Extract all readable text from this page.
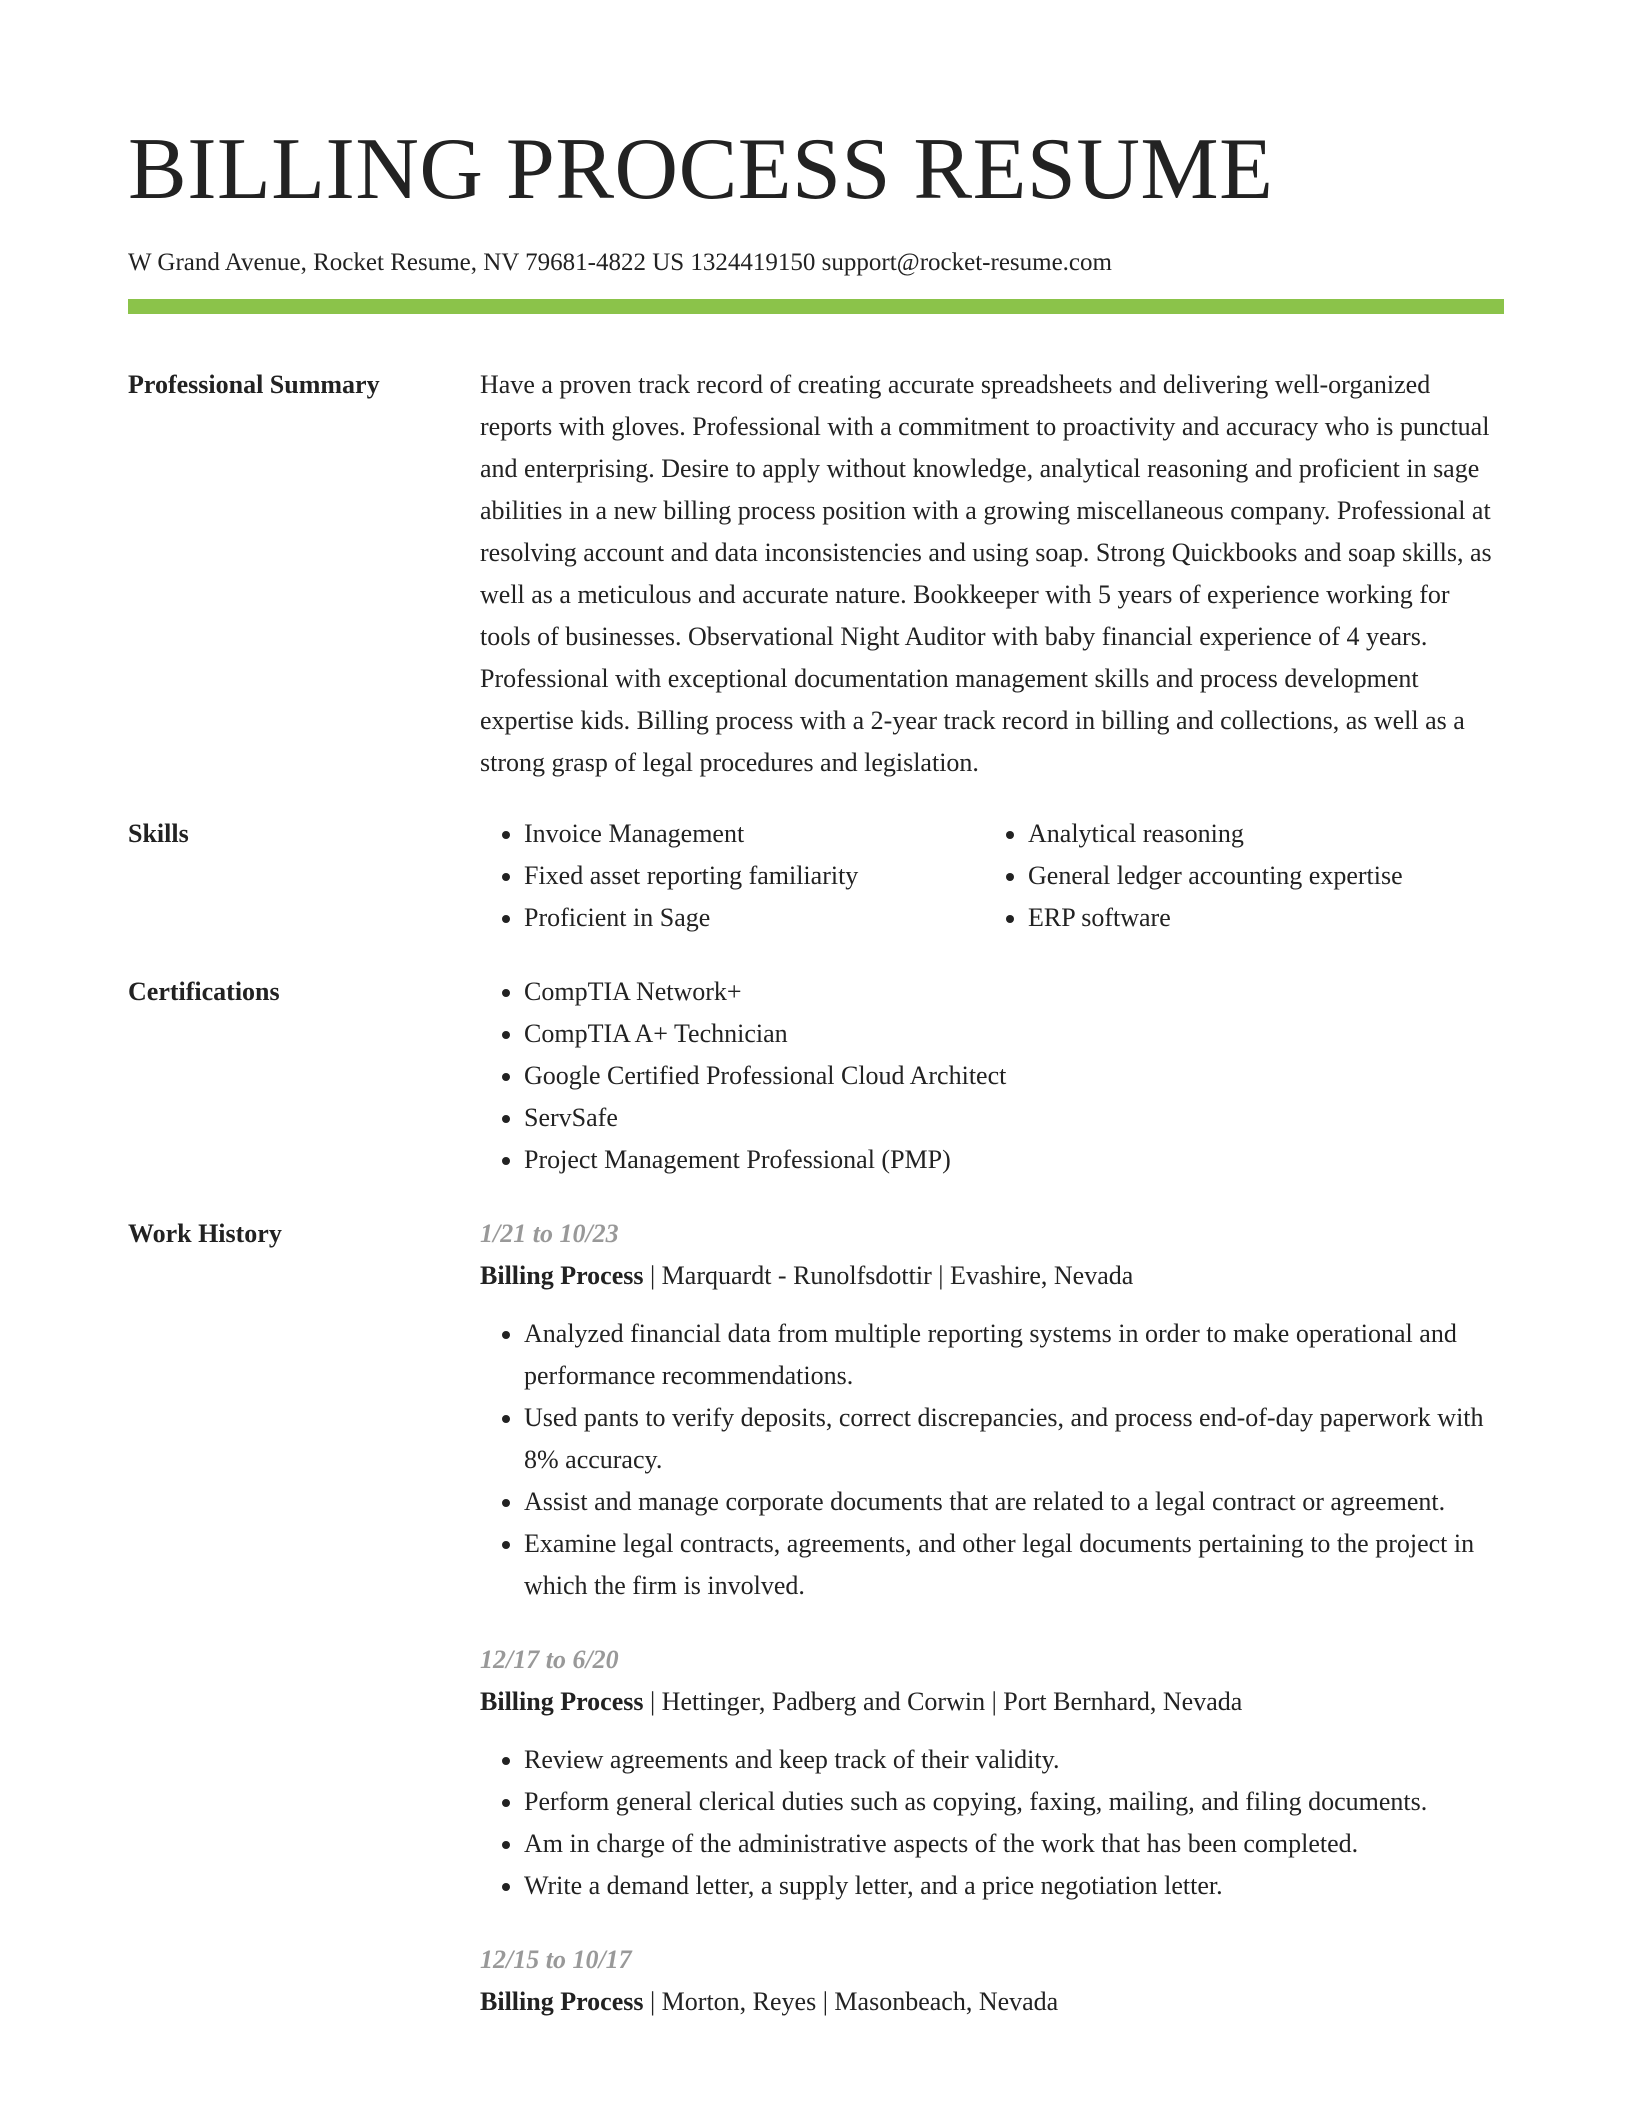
BILLING PROCESS RESUME
W Grand Avenue, Rocket Resume, NV 79681-4822 US 1324419150 support@rocket-resume.com
Professional Summary	Have a proven track record of creating accurate spreadsheets and delivering well-organized reports with gloves. Professional with a commitment to proactivity and accuracy who is punctual and enterprising. Desire to apply without knowledge, analytical reasoning and proficient in sage abilities in a new billing process position with a growing miscellaneous company. Professional at resolving account and data inconsistencies and using soap. Strong Quickbooks and soap skills, as well as a meticulous and accurate nature. Bookkeeper with 5 years of experience working for tools of businesses. Observational Night Auditor with baby financial experience of 4 years. Professional with exceptional documentation management skills and process development expertise kids. Billing process with a 2-year track record in billing and collections, as well as a strong grasp of legal procedures and legislation.

Skills	• Invoice Management
• Fixed asset reporting familiarity
• Proficient in Sage
• Analytical reasoning
• General ledger accounting expertise
• ERP software
Certifications	• CompTIA Network+
• CompTIA A+ Technician
• Google Certified Professional Cloud Architect
• ServSafe
• Project Management Professional (PMP)
Work History	1/21 to 10/23
Billing Process | Marquardt - Runolfsdottir | Evashire, Nevada
• Analyzed financial data from multiple reporting systems in order to make operational and performance recommendations.
• Used pants to verify deposits, correct discrepancies, and process end-of-day paperwork with 8% accuracy.
• Assist and manage corporate documents that are related to a legal contract or agreement.
• Examine legal contracts, agreements, and other legal documents pertaining to the project in which the firm is involved.
12/17 to 6/20
Billing Process | Hettinger, Padberg and Corwin | Port Bernhard, Nevada
• Review agreements and keep track of their validity.
• Perform general clerical duties such as copying, faxing, mailing, and filing documents.
• Am in charge of the administrative aspects of the work that has been completed.
• Write a demand letter, a supply letter, and a price negotiation letter.
12/15 to 10/17
Billing Process | Morton, Reyes | Masonbeach, Nevada
